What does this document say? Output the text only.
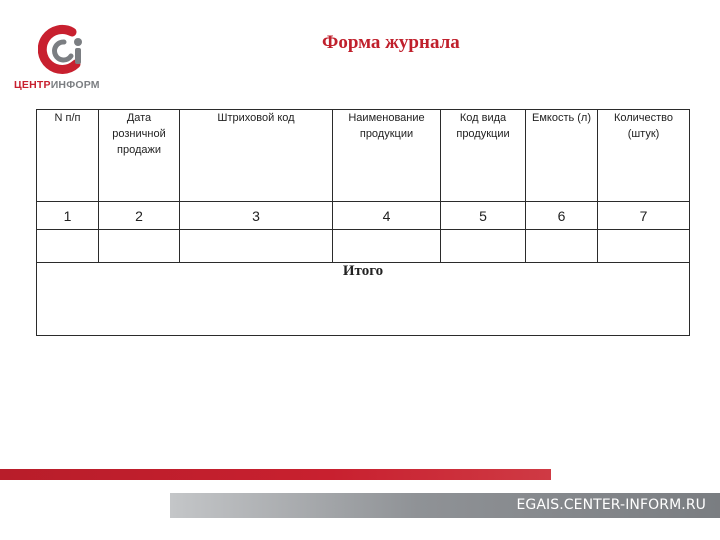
ЦЕНТРИНФОРМ
Форма журнала
N п/п	Дата розничной продажи	Штриховой код	Наименование продукции	Код вида продукции	Емкость (л)	Количество (штук)
1	2	3	4	5	6	7

Итого						
EGAIS.CENTER-INFORM.RU
